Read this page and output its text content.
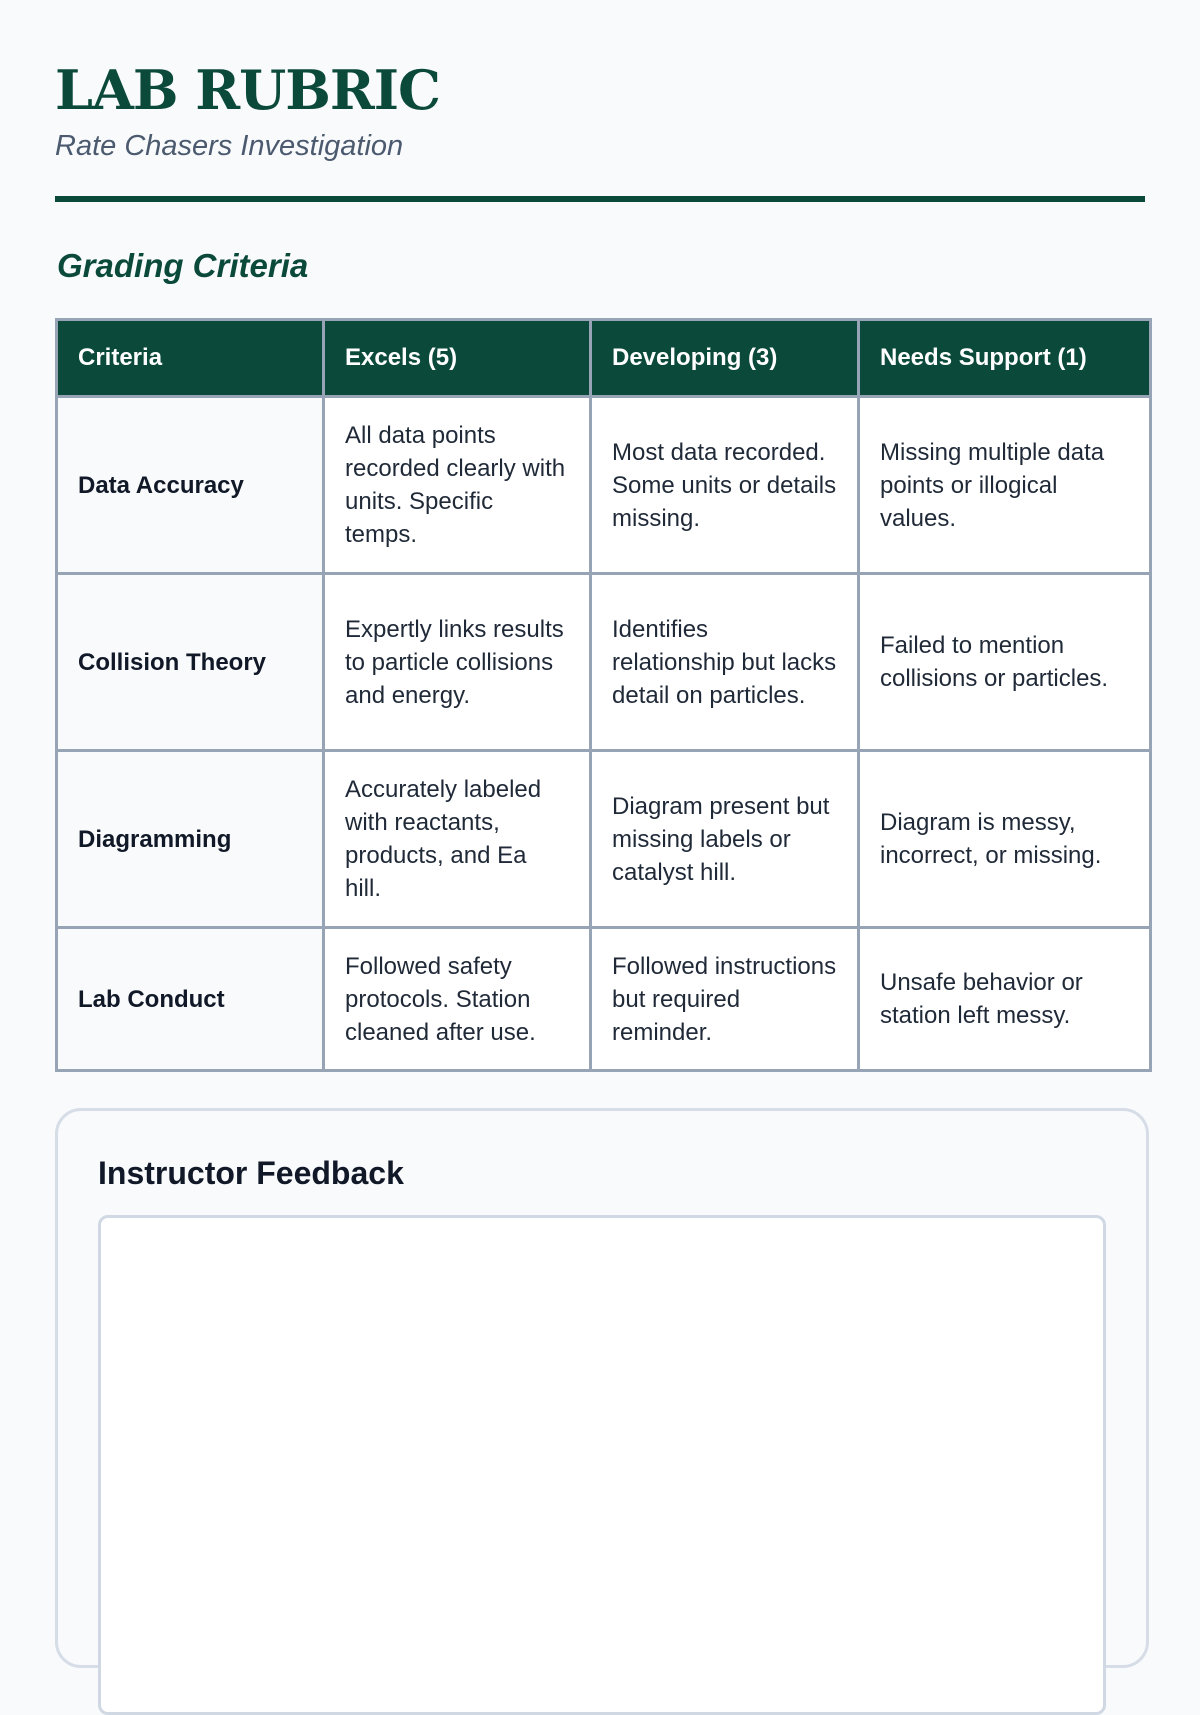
LAB RUBRIC

Rate Chasers Investigation

Grading Criteria
Criteria	Excels (5)	Developing (3)	Needs Support (1)
Data Accuracy	All data points recorded clearly with units. Specific temps.	Most data recorded. Some units or details missing.	Missing multiple data points or illogical values.
Collision Theory	Expertly links results to particle collisions and energy.	Identifies relationship but lacks detail on particles.	Failed to mention collisions or particles.
Diagramming	Accurately labeled with reactants, products, and Ea hill.	Diagram present but missing labels or catalyst hill.	Diagram is messy, incorrect, or missing.
Lab Conduct	Followed safety protocols. Station cleaned after use.	Followed instructions but required reminder.	Unsafe behavior or station left messy.
Instructor Feedback
